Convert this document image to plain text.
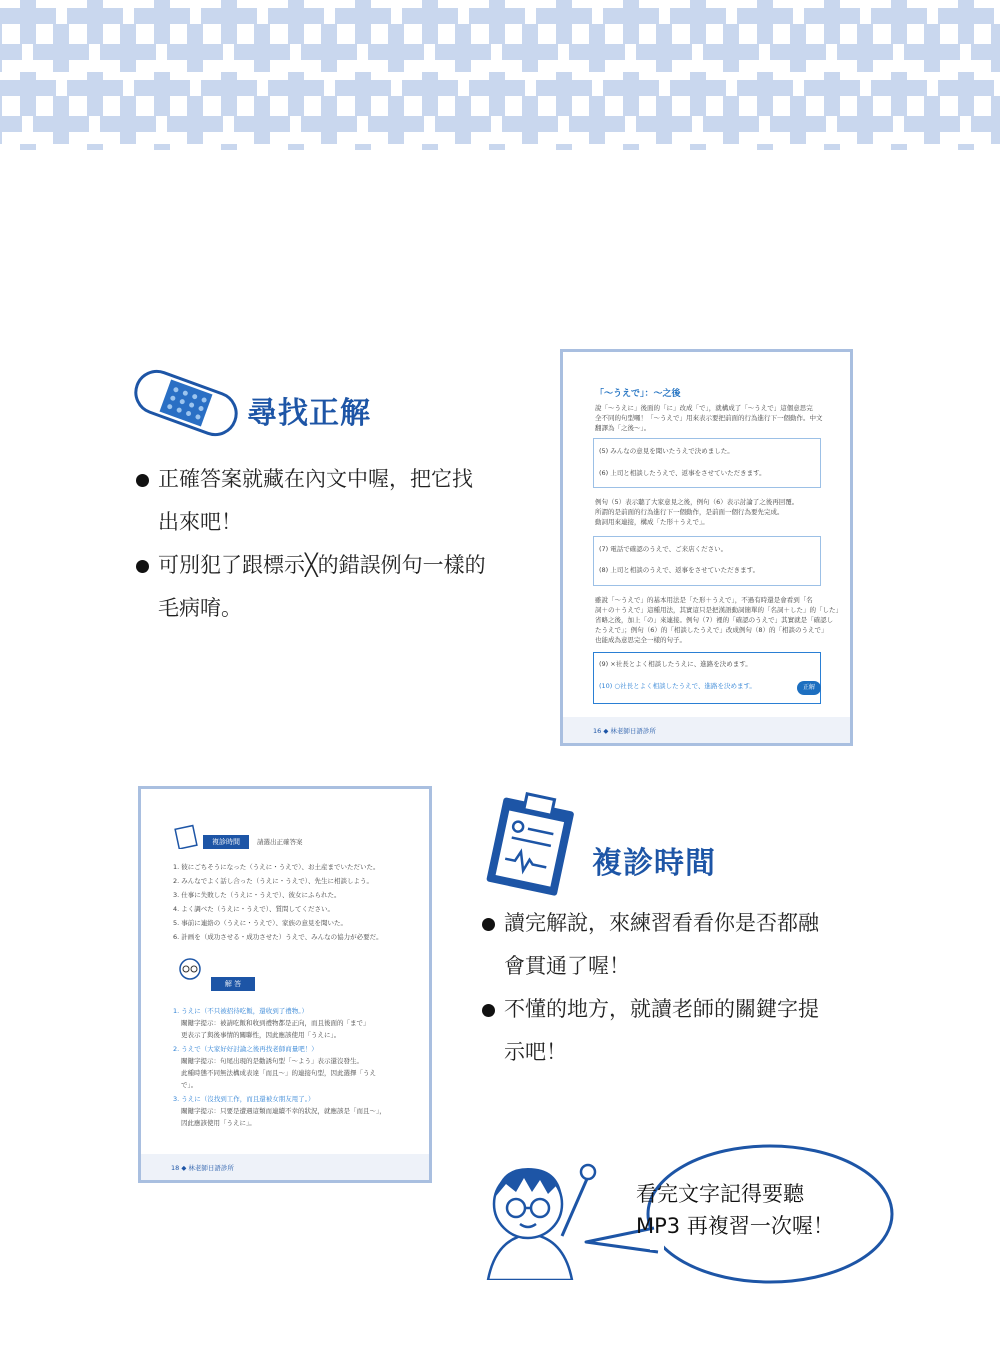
尋找正解
正確答案就藏在內文中喔，把它找出來吧！
可別犯了跟標示╳的錯誤例句一樣的毛病唷。
「～うえで」：～之後
說「～うえに」後面的「に」改成「で」，就構成了「～うえで」這個意思完
全不同的句型囉！「～うえで」用來表示要把前面的行為進行下一個動作。中文
翻譯為「之後～」。
(5) みんなの意見を聞いたうえで決めました。
(6) 上司と相談したうえで、返事をさせていただきます。
例句（5）表示聽了大家意見之後，例句（6）表示討論了之後再回覆。
所謂的是前面的行為進行下一個動作，是前面一個行為要先完成。
動詞用來連接，構成「た形＋うえで」。
(7) 電話で確認のうえで、ご来店ください。
(8) 上司と相談のうえで、返事をさせていただきます。
雖說「～うえで」的基本用法是「た形＋うえで」，不過有時還是會看到「名
詞＋の＋うえで」這種用法，其實這只是把漢語動詞簡單的「名詞＋した」的「した」
省略之後，加上「の」來連接。例句（7）裡的「確認のうえで」其實就是「確認し
たうえで」；例句（6）的「相談したうえで」改成例句（8）的「相談のうえで」
也能成為意思完全一樣的句子。
(9) ×社長とよく相談したうえに、進路を決めます。
(10) ○社長とよく相談したうえで、進路を決めます。	正解
16 ◆ 林老師日語診所
複診時間	請選出正確答案
1. 彼にごちそうになった（うえに・うえで）、お土産までいただいた。
2. みんなでよく話し合った（うえに・うえで）、先生に相談しよう。
3. 仕事に失敗した（うえに・うえで）、彼女にふられた。
4. よく調べた（うえに・うえで）、質問してください。
5. 事前に連絡の（うえに・うえで）、家族の意見を聞いた。
6. 計画を（成功させる・成功させた）うえで、みんなの協力が必要だ。
解 答
1. うえに（不只被招待吃飯，還收到了禮物。）
關鍵字提示：被請吃飯和收到禮物都是正向，而且後面的「まで」
更表示了與後事情的關聯性，因此應該使用「うえに」。
2. うえで（大家好好討論之後再找老師商量吧！）
關鍵字提示：句尾出現的是勸誘句型「～よう」表示還沒發生。
此種時態不同無法構成表達「而且～」的連接句型，因此選擇「うえ
で」。
3. うえに（沒找到工作，而且還被女朋友甩了。）
關鍵字提示：只要是遭遇這類而連續不幸的狀況，就應該是「而且～」，
因此應該使用「うえに」。
18 ◆ 林老師日語診所
複診時間
讀完解說，來練習看看你是否都融會貫通了喔！
不懂的地方，就讀老師的關鍵字提示吧！
看完文字記得要聽
MP3 再複習一次喔！
